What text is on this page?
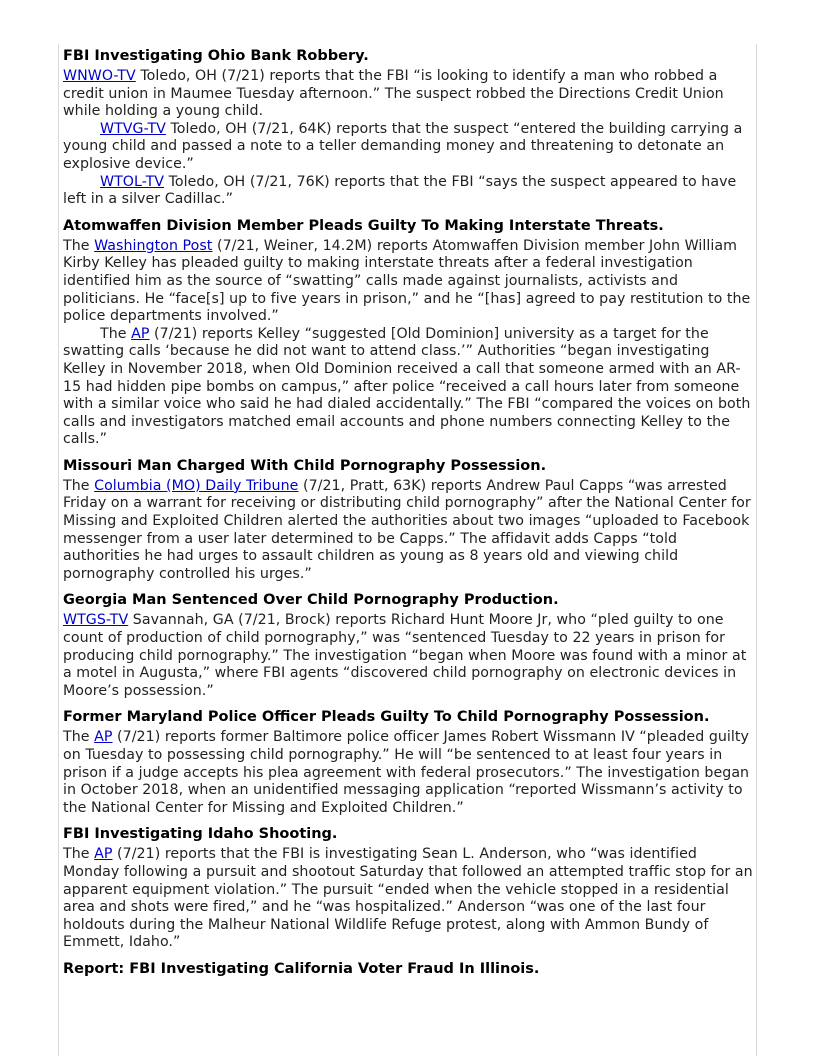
FBI Investigating Ohio Bank Robbery.

WNWO-TV Toledo, OH (7/21) reports that the FBI “is looking to identify a man who robbed a credit union in Maumee Tuesday afternoon.” The suspect robbed the Directions Credit Union while holding a young child.

WTVG-TV Toledo, OH (7/21, 64K) reports that the suspect “entered the building carrying a young child and passed a note to a teller demanding money and threatening to detonate an explosive device.”

WTOL-TV Toledo, OH (7/21, 76K) reports that the FBI “says the suspect appeared to have left in a silver Cadillac.”

Atomwaffen Division Member Pleads Guilty To Making Interstate Threats.

The Washington Post (7/21, Weiner, 14.2M) reports Atomwaffen Division member John William Kirby Kelley has pleaded guilty to making interstate threats after a federal investigation identified him as the source of “swatting” calls made against journalists, activists and politicians. He “face[s] up to five years in prison,” and he “[has] agreed to pay restitution to the police departments involved.”

The AP (7/21) reports Kelley “suggested [Old Dominion] university as a target for the swatting calls ‘because he did not want to attend class.’” Authorities “began investigating Kelley in November 2018, when Old Dominion received a call that someone armed with an AR-15 had hidden pipe bombs on campus,” after police “received a call hours later from someone with a similar voice who said he had dialed accidentally.” The FBI “compared the voices on both calls and investigators matched email accounts and phone numbers connecting Kelley to the calls.”

Missouri Man Charged With Child Pornography Possession.

The Columbia (MO) Daily Tribune (7/21, Pratt, 63K) reports Andrew Paul Capps “was arrested Friday on a warrant for receiving or distributing child pornography” after the National Center for Missing and Exploited Children alerted the authorities about two images “uploaded to Facebook messenger from a user later determined to be Capps.” The affidavit adds Capps “told authorities he had urges to assault children as young as 8 years old and viewing child pornography controlled his urges.”

Georgia Man Sentenced Over Child Pornography Production.

WTGS-TV Savannah, GA (7/21, Brock) reports Richard Hunt Moore Jr, who “pled guilty to one count of production of child pornography,” was “sentenced Tuesday to 22 years in prison for producing child pornography.” The investigation “began when Moore was found with a minor at a motel in Augusta,” where FBI agents “discovered child pornography on electronic devices in Moore’s possession.”

Former Maryland Police Officer Pleads Guilty To Child Pornography Possession.

The AP (7/21) reports former Baltimore police officer James Robert Wissmann IV “pleaded guilty on Tuesday to possessing child pornography.” He will “be sentenced to at least four years in prison if a judge accepts his plea agreement with federal prosecutors.” The investigation began in October 2018, when an unidentified messaging application “reported Wissmann’s activity to the National Center for Missing and Exploited Children.”

FBI Investigating Idaho Shooting.

The AP (7/21) reports that the FBI is investigating Sean L. Anderson, who “was identified Monday following a pursuit and shootout Saturday that followed an attempted traffic stop for an apparent equipment violation.” The pursuit “ended when the vehicle stopped in a residential area and shots were fired,” and he “was hospitalized.” Anderson “was one of the last four holdouts during the Malheur National Wildlife Refuge protest, along with Ammon Bundy of Emmett, Idaho.”

Report: FBI Investigating California Voter Fraud In Illinois.
